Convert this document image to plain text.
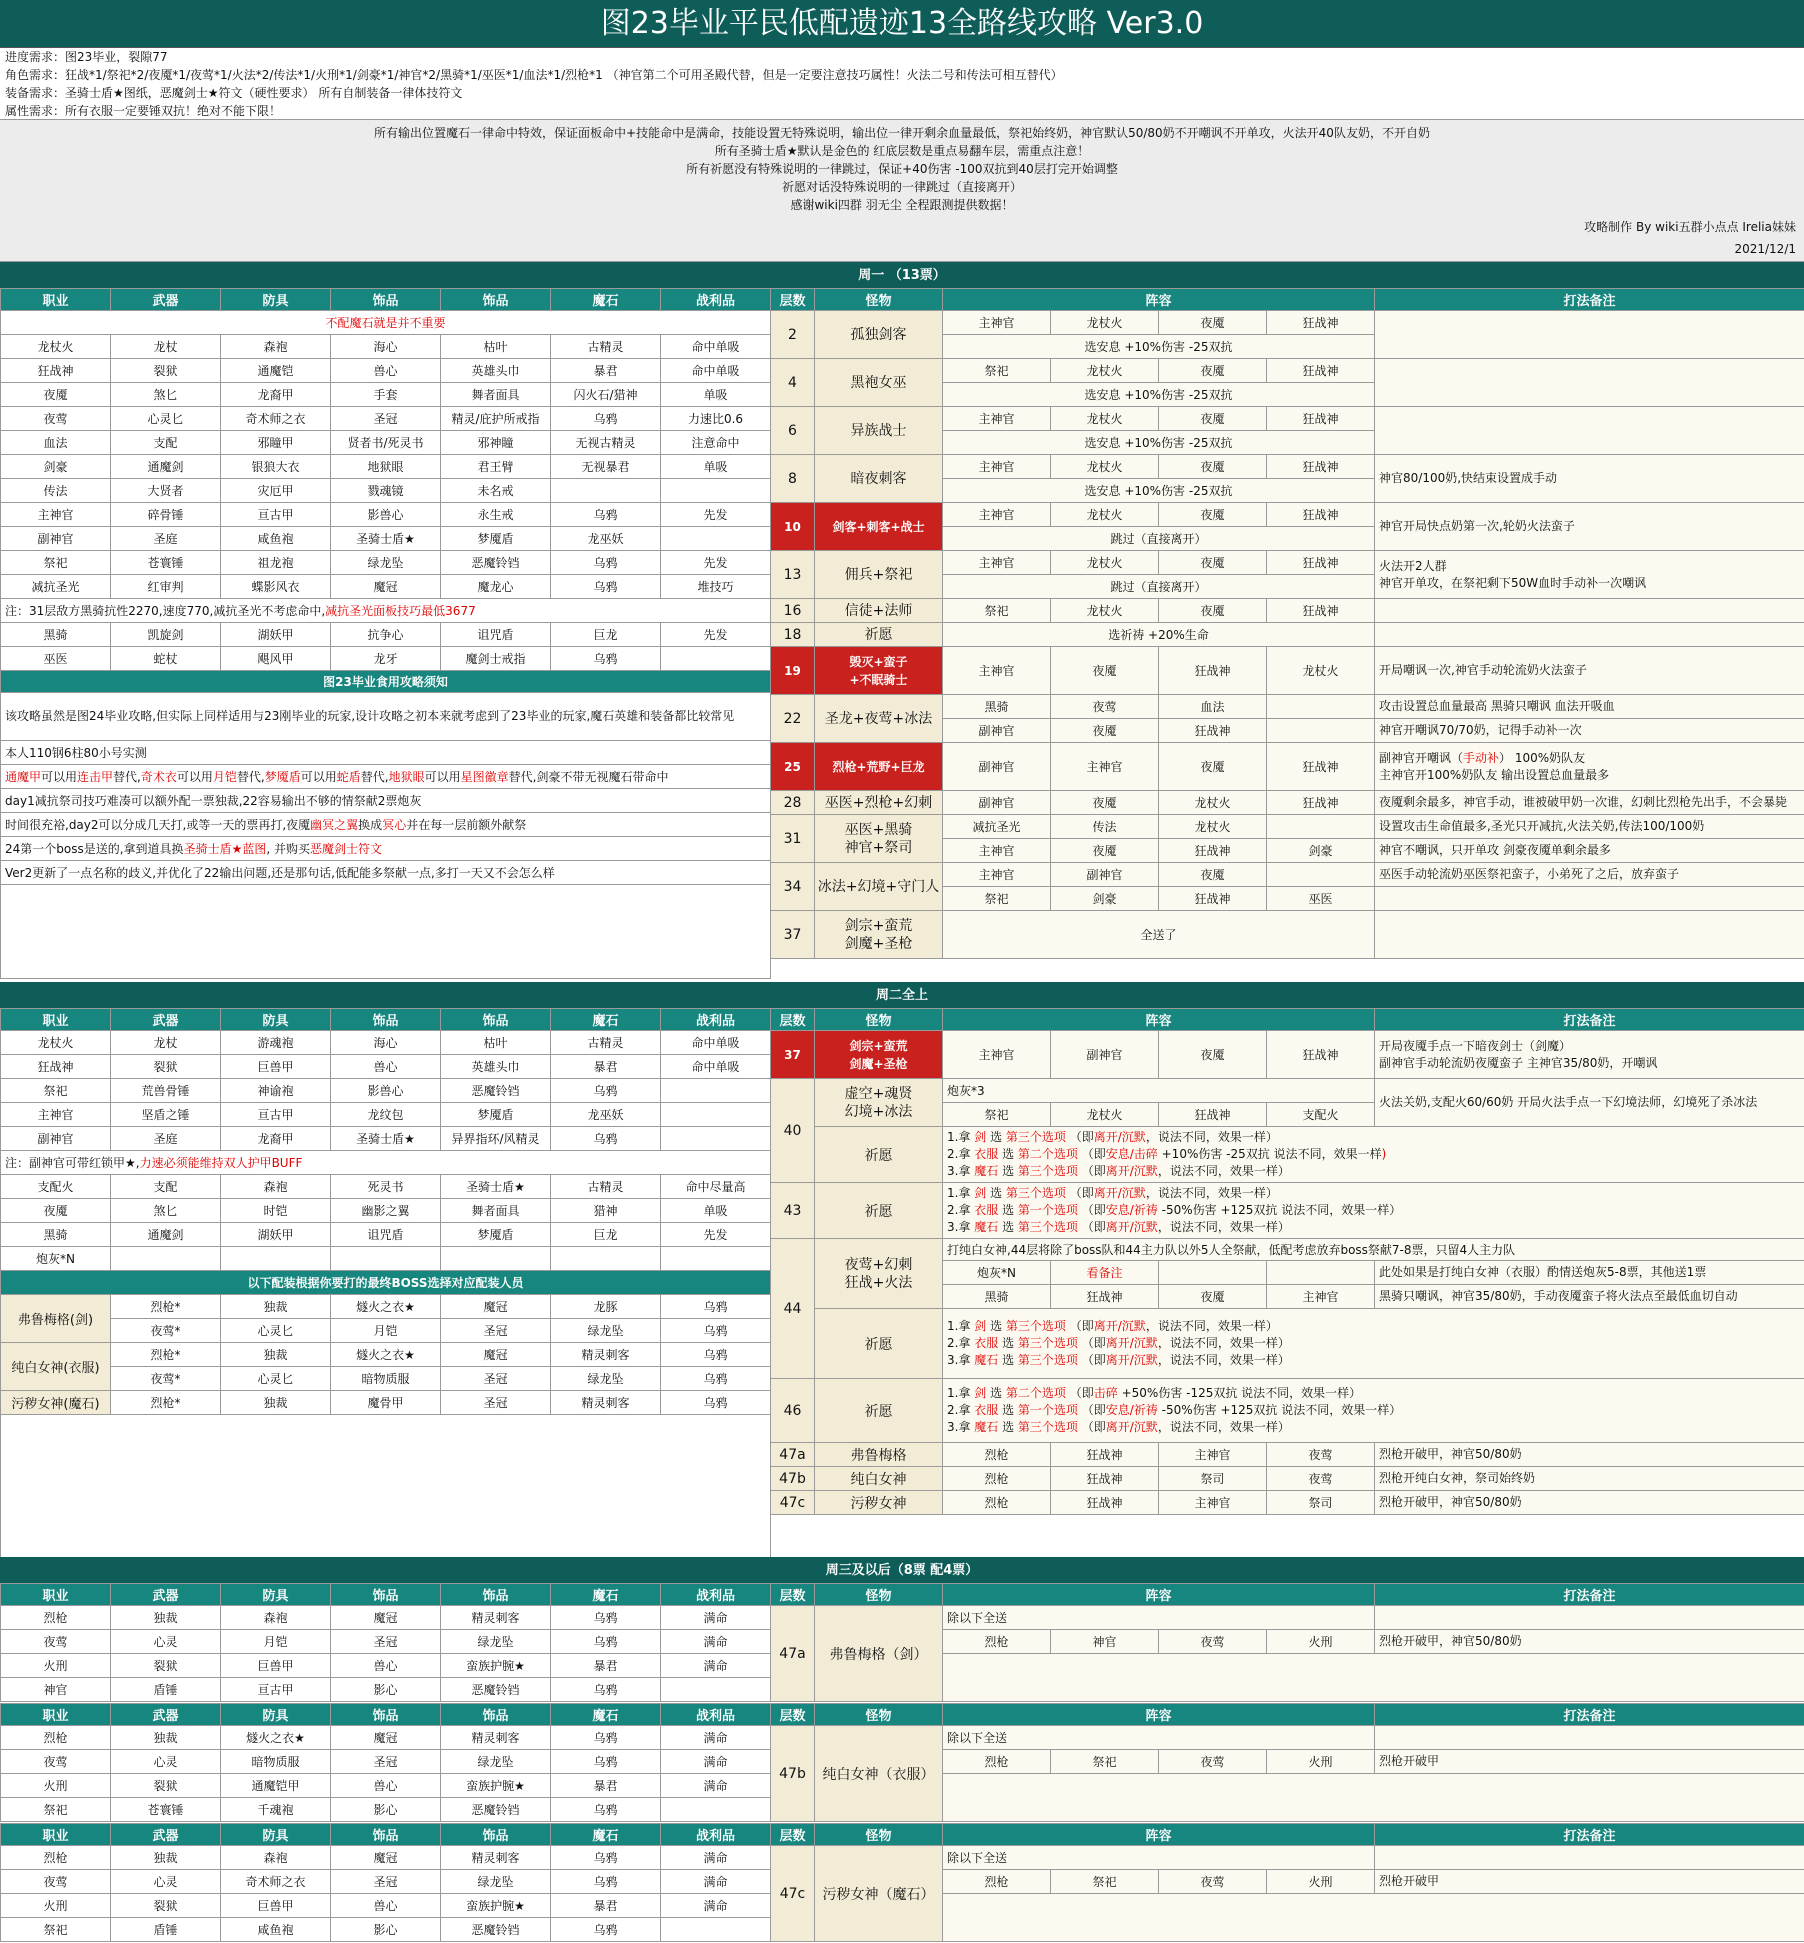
图23毕业平民低配遗迹13全路线攻略 Ver3.0
进度需求：图23毕业，裂隙77
角色需求：狂战*1/祭祀*2/夜魇*1/夜莺*1/火法*2/传法*1/火刑*1/剑豪*1/神官*2/黑骑*1/巫医*1/血法*1/烈枪*1 （神官第二个可用圣殿代替，但是一定要注意技巧属性！火法二号和传法可相互替代）
装备需求：圣骑士盾★图纸，恶魔剑士★符文（硬性要求） 所有自制装备一律体技符文
属性需求：所有衣服一定要锤双抗！绝对不能下限！
所有输出位置魔石一律命中特效，保证面板命中+技能命中是满命，技能设置无特殊说明，输出位一律开剩余血量最低，祭祀始终奶，神官默认50/80奶不开嘲讽不开单攻，火法开40队友奶，不开自奶
所有圣骑士盾★默认是金色的 红底层数是重点易翻车层，需重点注意！
所有祈愿没有特殊说明的一律跳过，保证+40伤害 -100双抗到40层打完开始调整
祈愿对话没特殊说明的一律跳过（直接离开）
感谢wiki四群 羽无尘 全程跟测提供数据！
攻略制作 By wiki五群小点点 Irelia妹妹
2021/12/1
周一 （13票）
职业	武器	防具	饰品	饰品	魔石	战利品
不配魔石就是并不重要						
龙杖火	龙杖	森袍	海心	枯叶	古精灵	命中单吸
狂战神	裂狱	通魔铠	兽心	英雄头巾	暴君	命中单吸
夜魇	煞匕	龙裔甲	手套	舞者面具	闪火石/猎神	单吸
夜莺	心灵匕	奇术师之衣	圣冠	精灵/庇护所戒指	乌鸦	力速比0.6
血法	支配	邪瞳甲	贤者书/死灵书	邪神瞳	无视古精灵	注意命中
剑豪	通魔剑	银狼大衣	地狱眼	君王臂	无视暴君	单吸
传法	大贤者	灾厄甲	戮魂镜	未名戒		
主神官	碎骨锤	亘古甲	影兽心	永生戒	乌鸦	先发
副神官	圣庭	咸鱼袍	圣骑士盾★	梦魇盾	龙巫妖	
祭祀	苍寰锤	祖龙袍	绿龙坠	恶魔铃铛	乌鸦	先发
减抗圣光	红审判	蝶影风衣	魔冠	魔龙心	乌鸦	堆技巧
注：31层敌方黑骑抗性2270,速度770,减抗圣光不考虑命中,减抗圣光面板技巧最低3677						
黑骑	凯旋剑	湖妖甲	抗争心	诅咒盾	巨龙	先发
巫医	蛇杖	飓风甲	龙牙	魔剑士戒指	乌鸦	
图23毕业食用攻略须知						
该攻略虽然是图24毕业攻略,但实际上同样适用与23刚毕业的玩家,设计攻略之初本来就考虑到了23毕业的玩家,魔石英雄和装备都比较常见						
本人110钢6柱80小号实测						
通魔甲可以用连击甲替代,奇术衣可以用月铠替代,梦魇盾可以用蛇盾替代,地狱眼可以用星图徽章替代,剑豪不带无视魔石带命中						
day1减抗祭司技巧难凑可以额外配一票独裁,22容易输出不够的情祭献2票炮灰						
时间很充裕,day2可以分成几天打,或等一天的票再打,夜魇幽冥之翼换成冥心并在每一层前额外献祭						
24第一个boss是送的,拿到道具换圣骑士盾★蓝图, 并购买恶魔剑士符文						
Ver2更新了一点名称的歧义,并优化了22输出问题,还是那句话,低配能多祭献一点,多打一天又不会怎么样						

层数	怪物	阵容				打法备注
2	孤独剑客	主神官	龙杖火	夜魇	狂战神	
		选安息 +10%伤害 -25双抗				
4	黑袍女巫	祭祀	龙杖火	夜魇	狂战神	
		选安息 +10%伤害 -25双抗				
6	异族战士	主神官	龙杖火	夜魇	狂战神	
		选安息 +10%伤害 -25双抗				
8	暗夜刺客	主神官	龙杖火	夜魇	狂战神	神官80/100奶,快结束设置成手动
		选安息 +10%伤害 -25双抗				
10	剑客+刺客+战士	主神官	龙杖火	夜魇	狂战神	神官开局快点奶第一次,轮奶火法蛮子
		跳过（直接离开）				
13	佣兵+祭祀	主神官	龙杖火	夜魇	狂战神	火法开2人群
神官开单攻，在祭祀剩下50W血时手动补一次嘲讽
		跳过（直接离开）				
16	信徒+法师	祭祀	龙杖火	夜魇	狂战神	
18	祈愿	选祈祷 +20%生命				
19	毁灭+蛮子
+不眠骑士	主神官	夜魇	狂战神	龙杖火	开局嘲讽一次,神官手动轮流奶火法蛮子
22	圣龙+夜莺+冰法	黑骑	夜莺	血法		攻击设置总血量最高 黑骑只嘲讽 血法开吸血
		副神官	夜魇	狂战神		神官开嘲讽70/70奶，记得手动补一次
25	烈枪+荒野+巨龙	副神官	主神官	夜魇	狂战神	副神官开嘲讽（手动补） 100%奶队友
主神官开100%奶队友 输出设置总血量最多
28	巫医+烈枪+幻刺	副神官	夜魇	龙杖火	狂战神	夜魇剩余最多，神官手动，谁被破甲奶一次谁，幻刺比烈枪先出手，不会暴毙
31	巫医+黑骑
神官+祭司	减抗圣光	传法	龙杖火		设置攻击生命值最多,圣光只开减抗,火法关奶,传法100/100奶
		主神官	夜魇	狂战神	剑豪	神官不嘲讽，只开单攻 剑豪夜魇单剩余最多
34	冰法+幻境+守门人	主神官	副神官	夜魇		巫医手动轮流奶巫医祭祀蛮子，小弟死了之后，放弃蛮子
		祭祀	剑豪	狂战神	巫医	
37	剑宗+蛮荒
剑魔+圣枪	全送了				
周二全上
职业	武器	防具	饰品	饰品	魔石	战利品
龙杖火	龙杖	游魂袍	海心	枯叶	古精灵	命中单吸
狂战神	裂狱	巨兽甲	兽心	英雄头巾	暴君	命中单吸
祭祀	荒兽骨锤	神谕袍	影兽心	恶魔铃铛	乌鸦	
主神官	坚盾之锤	亘古甲	龙纹包	梦魇盾	龙巫妖	
副神官	圣庭	龙裔甲	圣骑士盾★	异界指环/风精灵	乌鸦	
注：副神官可带红锁甲★,力速必须能维持双人护甲BUFF						
支配火	支配	森袍	死灵书	圣骑士盾★	古精灵	命中尽量高
夜魇	煞匕	时铠	幽影之翼	舞者面具	猎神	单吸
黑骑	通魔剑	湖妖甲	诅咒盾	梦魇盾	巨龙	先发
炮灰*N						
以下配装根据你要打的最终BOSS选择对应配装人员						
弗鲁梅格(剑)	烈枪*	独裁	燧火之衣★	魔冠	龙豚	乌鸦
	夜莺*	心灵匕	月铠	圣冠	绿龙坠	乌鸦
纯白女神(衣服)	烈枪*	独裁	燧火之衣★	魔冠	精灵刺客	乌鸦
	夜莺*	心灵匕	暗物质服	圣冠	绿龙坠	乌鸦
污秽女神(魔石)	烈枪*	独裁	魔骨甲	圣冠	精灵刺客	乌鸦

层数	怪物	阵容				打法备注
37	剑宗+蛮荒
剑魔+圣枪	主神官	副神官	夜魇	狂战神	开局夜魇手点一下暗夜剑士（剑魔）
副神官手动轮流奶夜魇蛮子 主神官35/80奶，开嘲讽
40	虚空+魂贤
幻境+冰法	炮灰*3				火法关奶,支配火60/60奶 开局火法手点一下幻境法师，幻境死了杀冰法
		祭祀	龙杖火	狂战神	支配火	
	祈愿	1.拿 剑 选 第三个选项 （即离开/沉默，说法不同，效果一样）
2.拿 衣服 选 第二个选项 （即安息/击碎 +10%伤害 -25双抗 说法不同，效果一样)
3.拿 魔石 选 第三个选项 （即离开/沉默，说法不同，效果一样）				
43	祈愿	1.拿 剑 选 第三个选项 （即离开/沉默，说法不同，效果一样）
2.拿 衣服 选 第一个选项 （即安息/祈祷 -50%伤害 +125双抗 说法不同，效果一样）
3.拿 魔石 选 第三个选项 （即离开/沉默，说法不同，效果一样）				
44	夜莺+幻刺
狂战+火法	打纯白女神,44层将除了boss队和44主力队以外5人全祭献，低配考虑放弃boss祭献7-8票，只留4人主力队				
		炮灰*N	看备注			此处如果是打纯白女神（衣服）酌情送炮灰5-8票，其他送1票
		黑骑	狂战神	夜魇	主神官	黑骑只嘲讽，神官35/80奶，手动夜魇蛮子将火法点至最低血切自动
	祈愿	1.拿 剑 选 第三个选项 （即离开/沉默，说法不同，效果一样）
2.拿 衣服 选 第三个选项 （即离开/沉默，说法不同，效果一样）
3.拿 魔石 选 第三个选项 （即离开/沉默，说法不同，效果一样）				
46	祈愿	1.拿 剑 选 第二个选项 （即击碎 +50%伤害 -125双抗 说法不同，效果一样）
2.拿 衣服 选 第一个选项 （即安息/祈祷 -50%伤害 +125双抗 说法不同，效果一样）
3.拿 魔石 选 第三个选项 （即离开/沉默，说法不同，效果一样）				
47a	弗鲁梅格	烈枪	狂战神	主神官	夜莺	烈枪开破甲，神官50/80奶
47b	纯白女神	烈枪	狂战神	祭司	夜莺	烈枪开纯白女神，祭司始终奶
47c	污秽女神	烈枪	狂战神	主神官	祭司	烈枪开破甲，神官50/80奶
周三及以后（8票 配4票）
职业	武器	防具	饰品	饰品	魔石	战利品	层数	怪物	阵容				打法备注
烈枪	独裁	森袍	魔冠	精灵刺客	乌鸦	满命	47a	弗鲁梅格（剑）	除以下全送				
夜莺	心灵	月铠	圣冠	绿龙坠	乌鸦	满命			烈枪	神官	夜莺	火刑	烈枪开破甲，神官50/80奶
火刑	裂狱	巨兽甲	兽心	蛮族护腕★	暴君	满命							
神官	盾锤	亘古甲	影心	恶魔铃铛	乌鸦								
职业	武器	防具	饰品	饰品	魔石	战利品	层数	怪物	阵容				打法备注
烈枪	独裁	燧火之衣★	魔冠	精灵刺客	乌鸦	满命	47b	纯白女神（衣服）	除以下全送				
夜莺	心灵	暗物质服	圣冠	绿龙坠	乌鸦	满命			烈枪	祭祀	夜莺	火刑	烈枪开破甲
火刑	裂狱	通魔铠甲	兽心	蛮族护腕★	暴君	满命							
祭祀	苍寰锤	千魂袍	影心	恶魔铃铛	乌鸦								
职业	武器	防具	饰品	饰品	魔石	战利品	层数	怪物	阵容				打法备注
烈枪	独裁	森袍	魔冠	精灵刺客	乌鸦	满命	47c	污秽女神（魔石）	除以下全送				
夜莺	心灵	奇术师之衣	圣冠	绿龙坠	乌鸦	满命			烈枪	祭祀	夜莺	火刑	烈枪开破甲
火刑	裂狱	巨兽甲	兽心	蛮族护腕★	暴君	满命							
祭祀	盾锤	咸鱼袍	影心	恶魔铃铛	乌鸦								
